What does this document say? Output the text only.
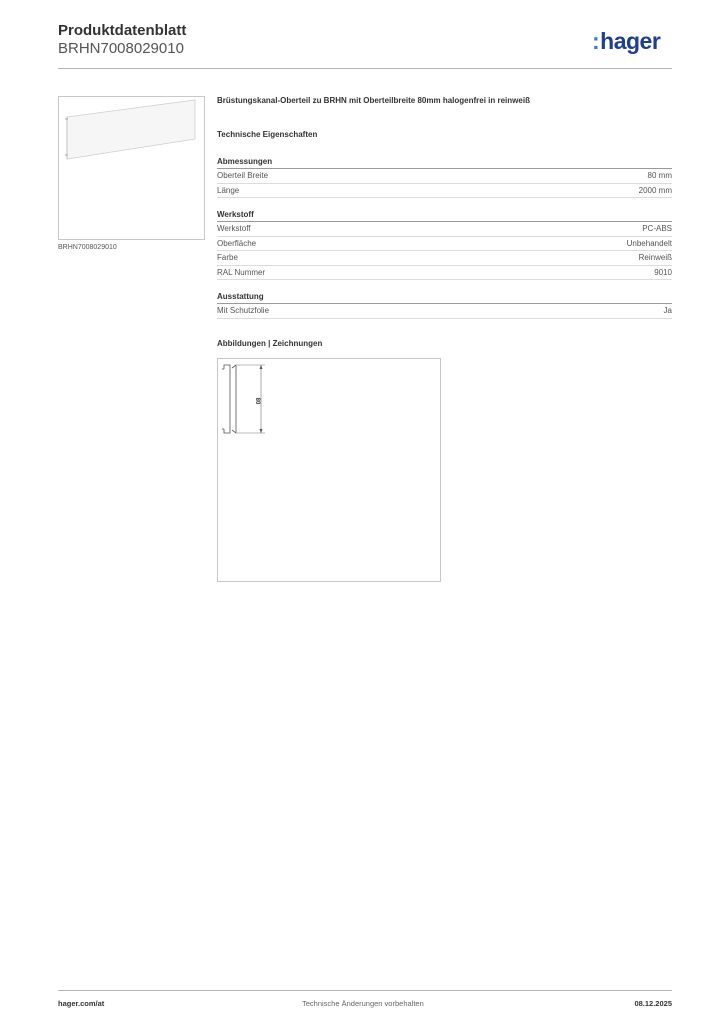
Produktdatenblatt
BRHN7008029010	:hager
BRHN7008029010
Brüstungskanal-Oberteil zu BRHN mit Oberteilbreite 80mm halogenfrei in reinweiß
Technische Eigenschaften
Abmessungen
Oberteil Breite	80 mm
Länge	2000 mm
Werkstoff
Werkstoff	PC-ABS
Oberfläche	Unbehandelt
Farbe	Reinweiß
RAL Nummer	9010
Ausstattung
Mit Schutzfolie	Ja
Abbildungen | Zeichnungen
80
hager.com/at	Technische Änderungen vorbehalten	08.12.2025
